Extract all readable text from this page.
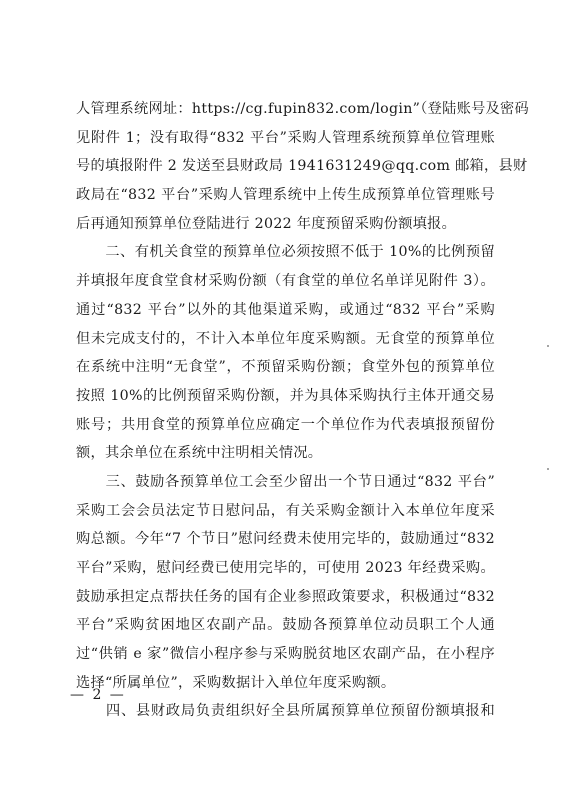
人管理系统网址：https://cg.fupin832.com/login”（登陆账号及密码
见附件 1；没有取得“832 平台”采购人管理系统预算单位管理账
号的填报附件 2 发送至县财政局 1941631249@qq.com 邮箱，县财
政局在“832 平台”采购人管理系统中上传生成预算单位管理账号
后再通知预算单位登陆进行 2022 年度预留采购份额填报。
　　二、有机关食堂的预算单位必须按照不低于 10%的比例预留
并填报年度食堂食材采购份额（有食堂的单位名单详见附件 3）。
通过“832 平台”以外的其他渠道采购，或通过“832 平台”采购
但未完成支付的，不计入本单位年度采购额。无食堂的预算单位
在系统中注明“无食堂”，不预留采购份额；食堂外包的预算单位
按照 10%的比例预留采购份额，并为具体采购执行主体开通交易
账号；共用食堂的预算单位应确定一个单位作为代表填报预留份
额，其余单位在系统中注明相关情况。
　　三、鼓励各预算单位工会至少留出一个节日通过“832 平台”
采购工会会员法定节日慰问品，有关采购金额计入本单位年度采
购总额。今年“7 个节日”慰问经费未使用完毕的，鼓励通过“832
平台”采购，慰问经费已使用完毕的，可使用 2023 年经费采购。
鼓励承担定点帮扶任务的国有企业参照政策要求，积极通过“832
平台”采购贫困地区农副产品。鼓励各预算单位动员职工个人通
过“供销 e 家”微信小程序参与采购脱贫地区农副产品，在小程序
选择“所属单位”，采购数据计入单位年度采购额。
　　四、县财政局负责组织好全县所属预算单位预留份额填报和
— 2 —
